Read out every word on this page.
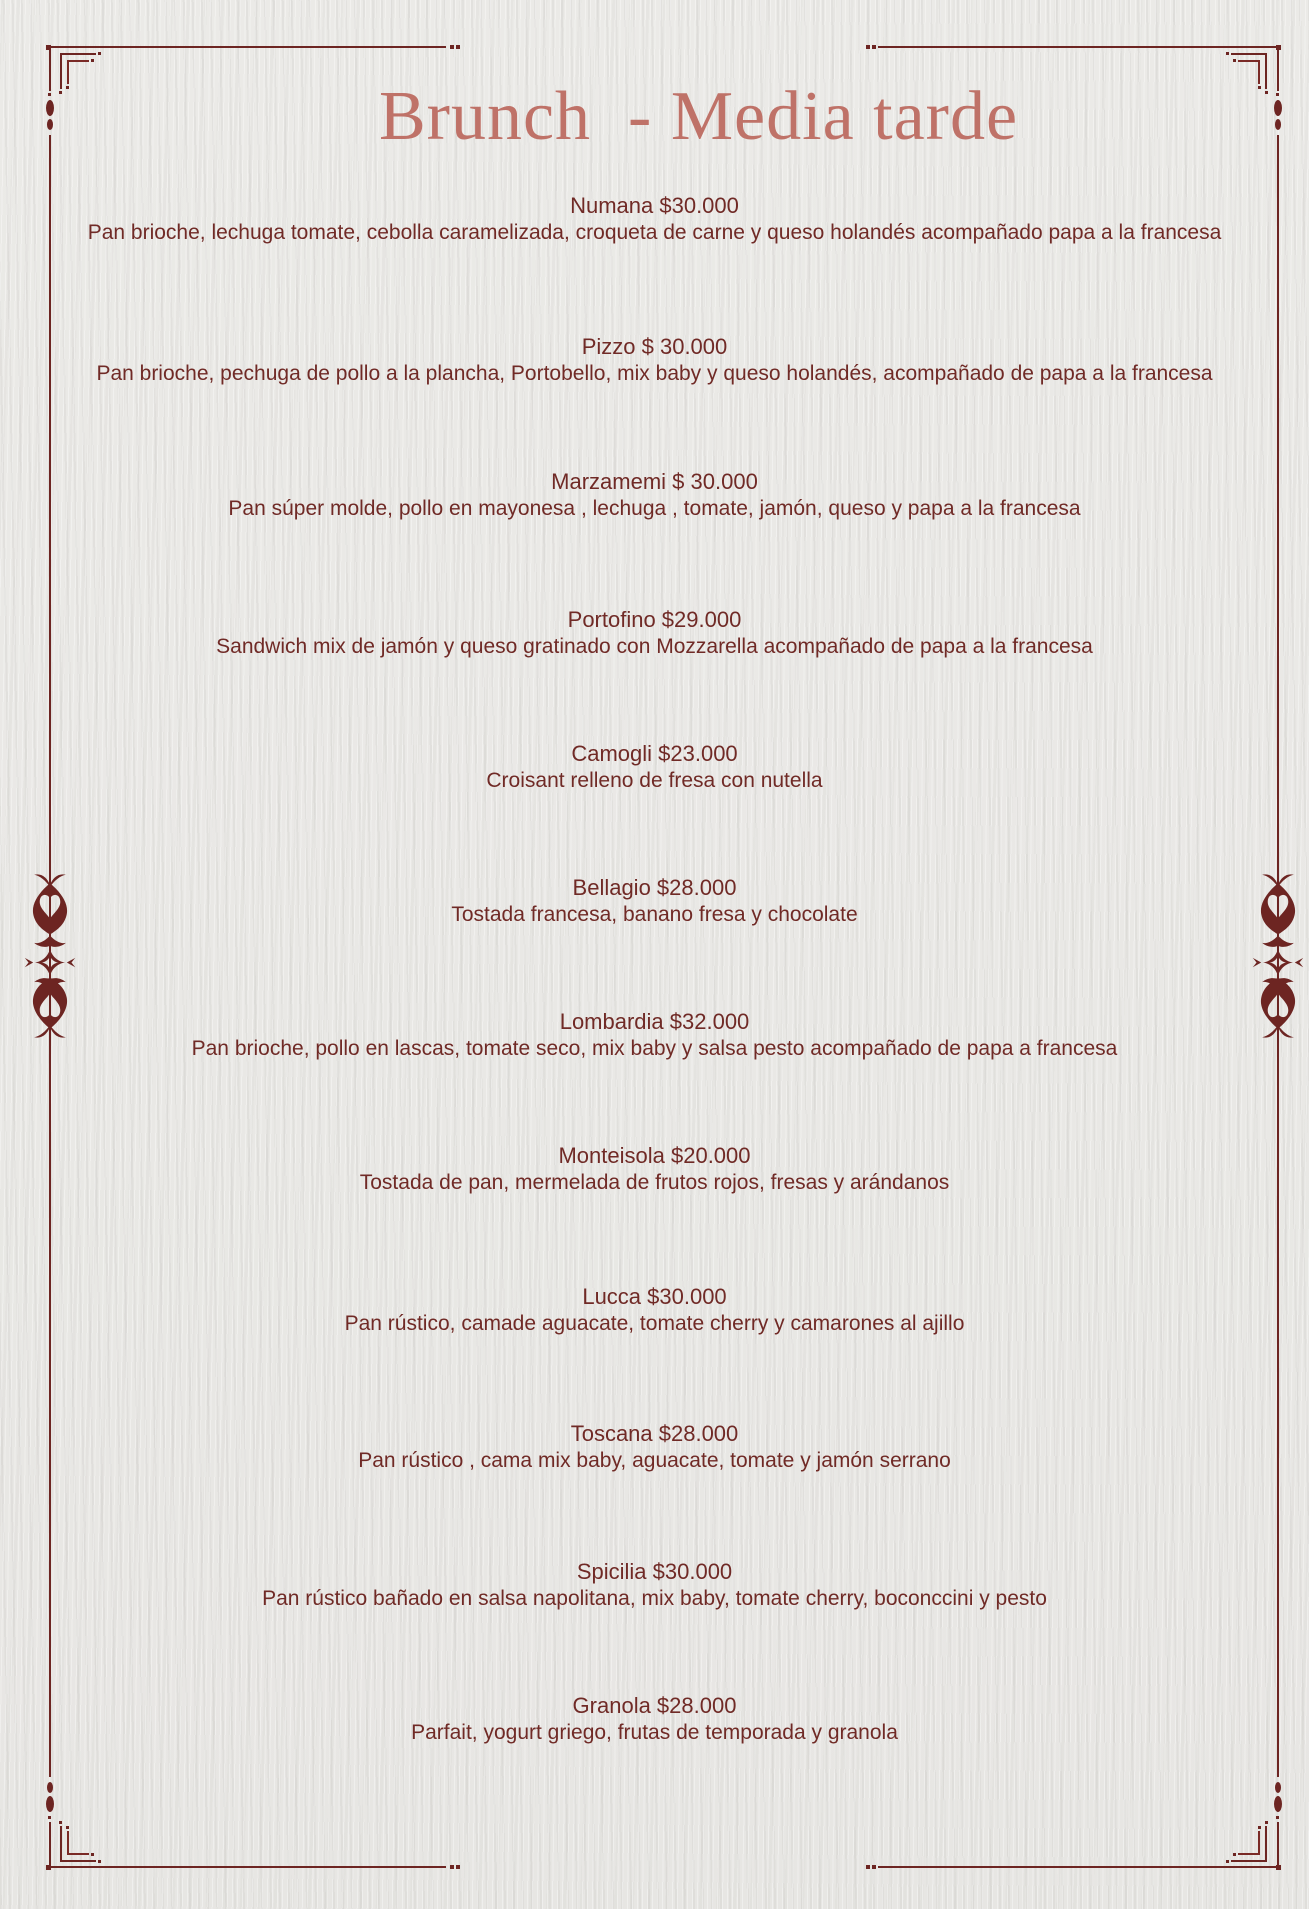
Brunch  - Media tarde
Numana $30.000
Pan brioche, lechuga tomate, cebolla caramelizada, croqueta de carne y queso holandés acompañado papa a la francesa
Pizzo $ 30.000
Pan brioche, pechuga de pollo a la plancha, Portobello, mix baby y queso holandés, acompañado de papa a la francesa
Marzamemi $ 30.000
Pan súper molde, pollo en mayonesa , lechuga , tomate, jamón, queso y papa a la francesa
Portofino $29.000
Sandwich mix de jamón y queso gratinado con Mozzarella acompañado de papa a la francesa
Camogli $23.000
Croisant relleno de fresa con nutella
Bellagio $28.000
Tostada francesa, banano fresa y chocolate
Lombardia $32.000
Pan brioche, pollo en lascas, tomate seco, mix baby y salsa pesto acompañado de papa a francesa
Monteisola $20.000
Tostada de pan, mermelada de frutos rojos, fresas y arándanos
Lucca $30.000
Pan rústico, camade aguacate, tomate cherry y camarones al ajillo
Toscana $28.000
Pan rústico , cama mix baby, aguacate, tomate y jamón serrano
Spicilia $30.000
Pan rústico bañado en salsa napolitana, mix baby, tomate cherry, boconccini y pesto
Granola $28.000
Parfait, yogurt griego, frutas de temporada y granola
